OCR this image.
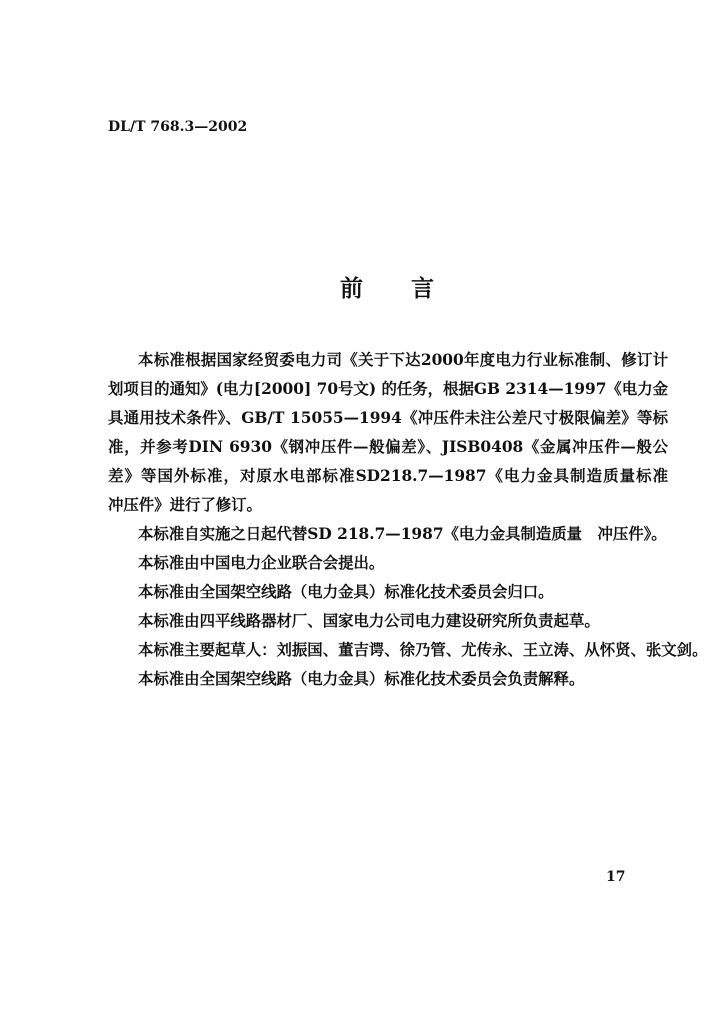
DL/T 768.3—2002
前 言

本标准根据国家经贸委电力司《关于下达2000年度电力行业标准制、修订计划项目的通知》(电力[2000] 70号文) 的任务，根据GB 2314—1997《电力金具通用技术条件》、GB/T 15055—1994《冲压件未注公差尺寸极限偏差》等标准，并参考DIN 6930《钢冲压件—般偏差》、JISB0408《金属冲压件—般公差》等国外标准，对原水电部标准SD218.7—1987《电力金具制造质量标准　冲压件》进行了修订。

本标准自实施之日起代替SD 218.7—1987《电力金具制造质量　冲压件》。

本标准由中国电力企业联合会提出。

本标准由全国架空线路（电力金具）标准化技术委员会归口。

本标准由四平线路器材厂、国家电力公司电力建设研究所负责起草。

本标准主要起草人：刘振国、董吉谔、徐乃管、尤传永、王立涛、从怀贤、张文剑。

本标准由全国架空线路（电力金具）标准化技术委员会负责解释。

17
